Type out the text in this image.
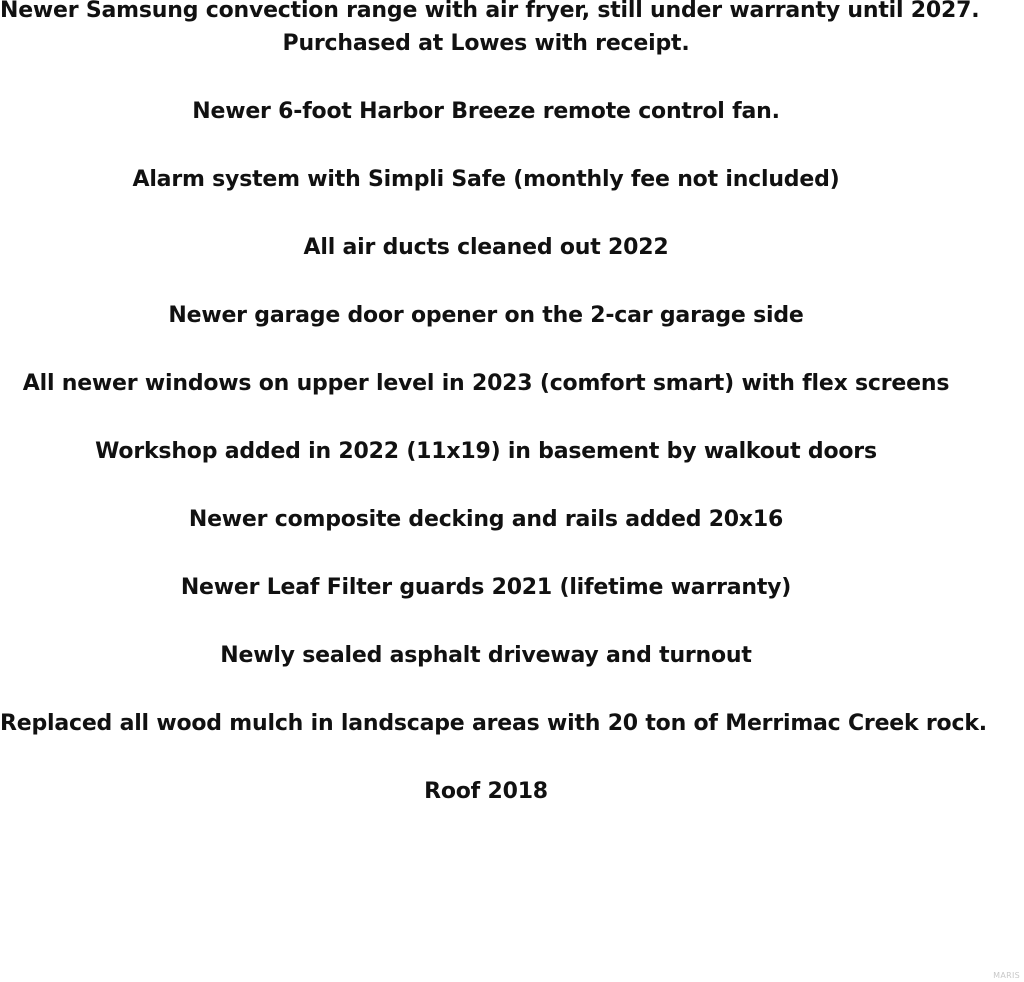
Newer Samsung convection range with air fryer, still under warranty until 2027.
Purchased at Lowes with receipt.
Newer 6-foot Harbor Breeze remote control fan.
Alarm system with Simpli Safe (monthly fee not included)
All air ducts cleaned out 2022
Newer garage door opener on the 2-car garage side
All newer windows on upper level in 2023 (comfort smart) with flex screens
Workshop added in 2022 (11x19) in basement by walkout doors
Newer composite decking and rails added 20x16
Newer Leaf Filter guards 2021 (lifetime warranty)
Newly sealed asphalt driveway and turnout
Replaced all wood mulch in landscape areas with 20 ton of Merrimac Creek rock.
Roof 2018
MARIS
